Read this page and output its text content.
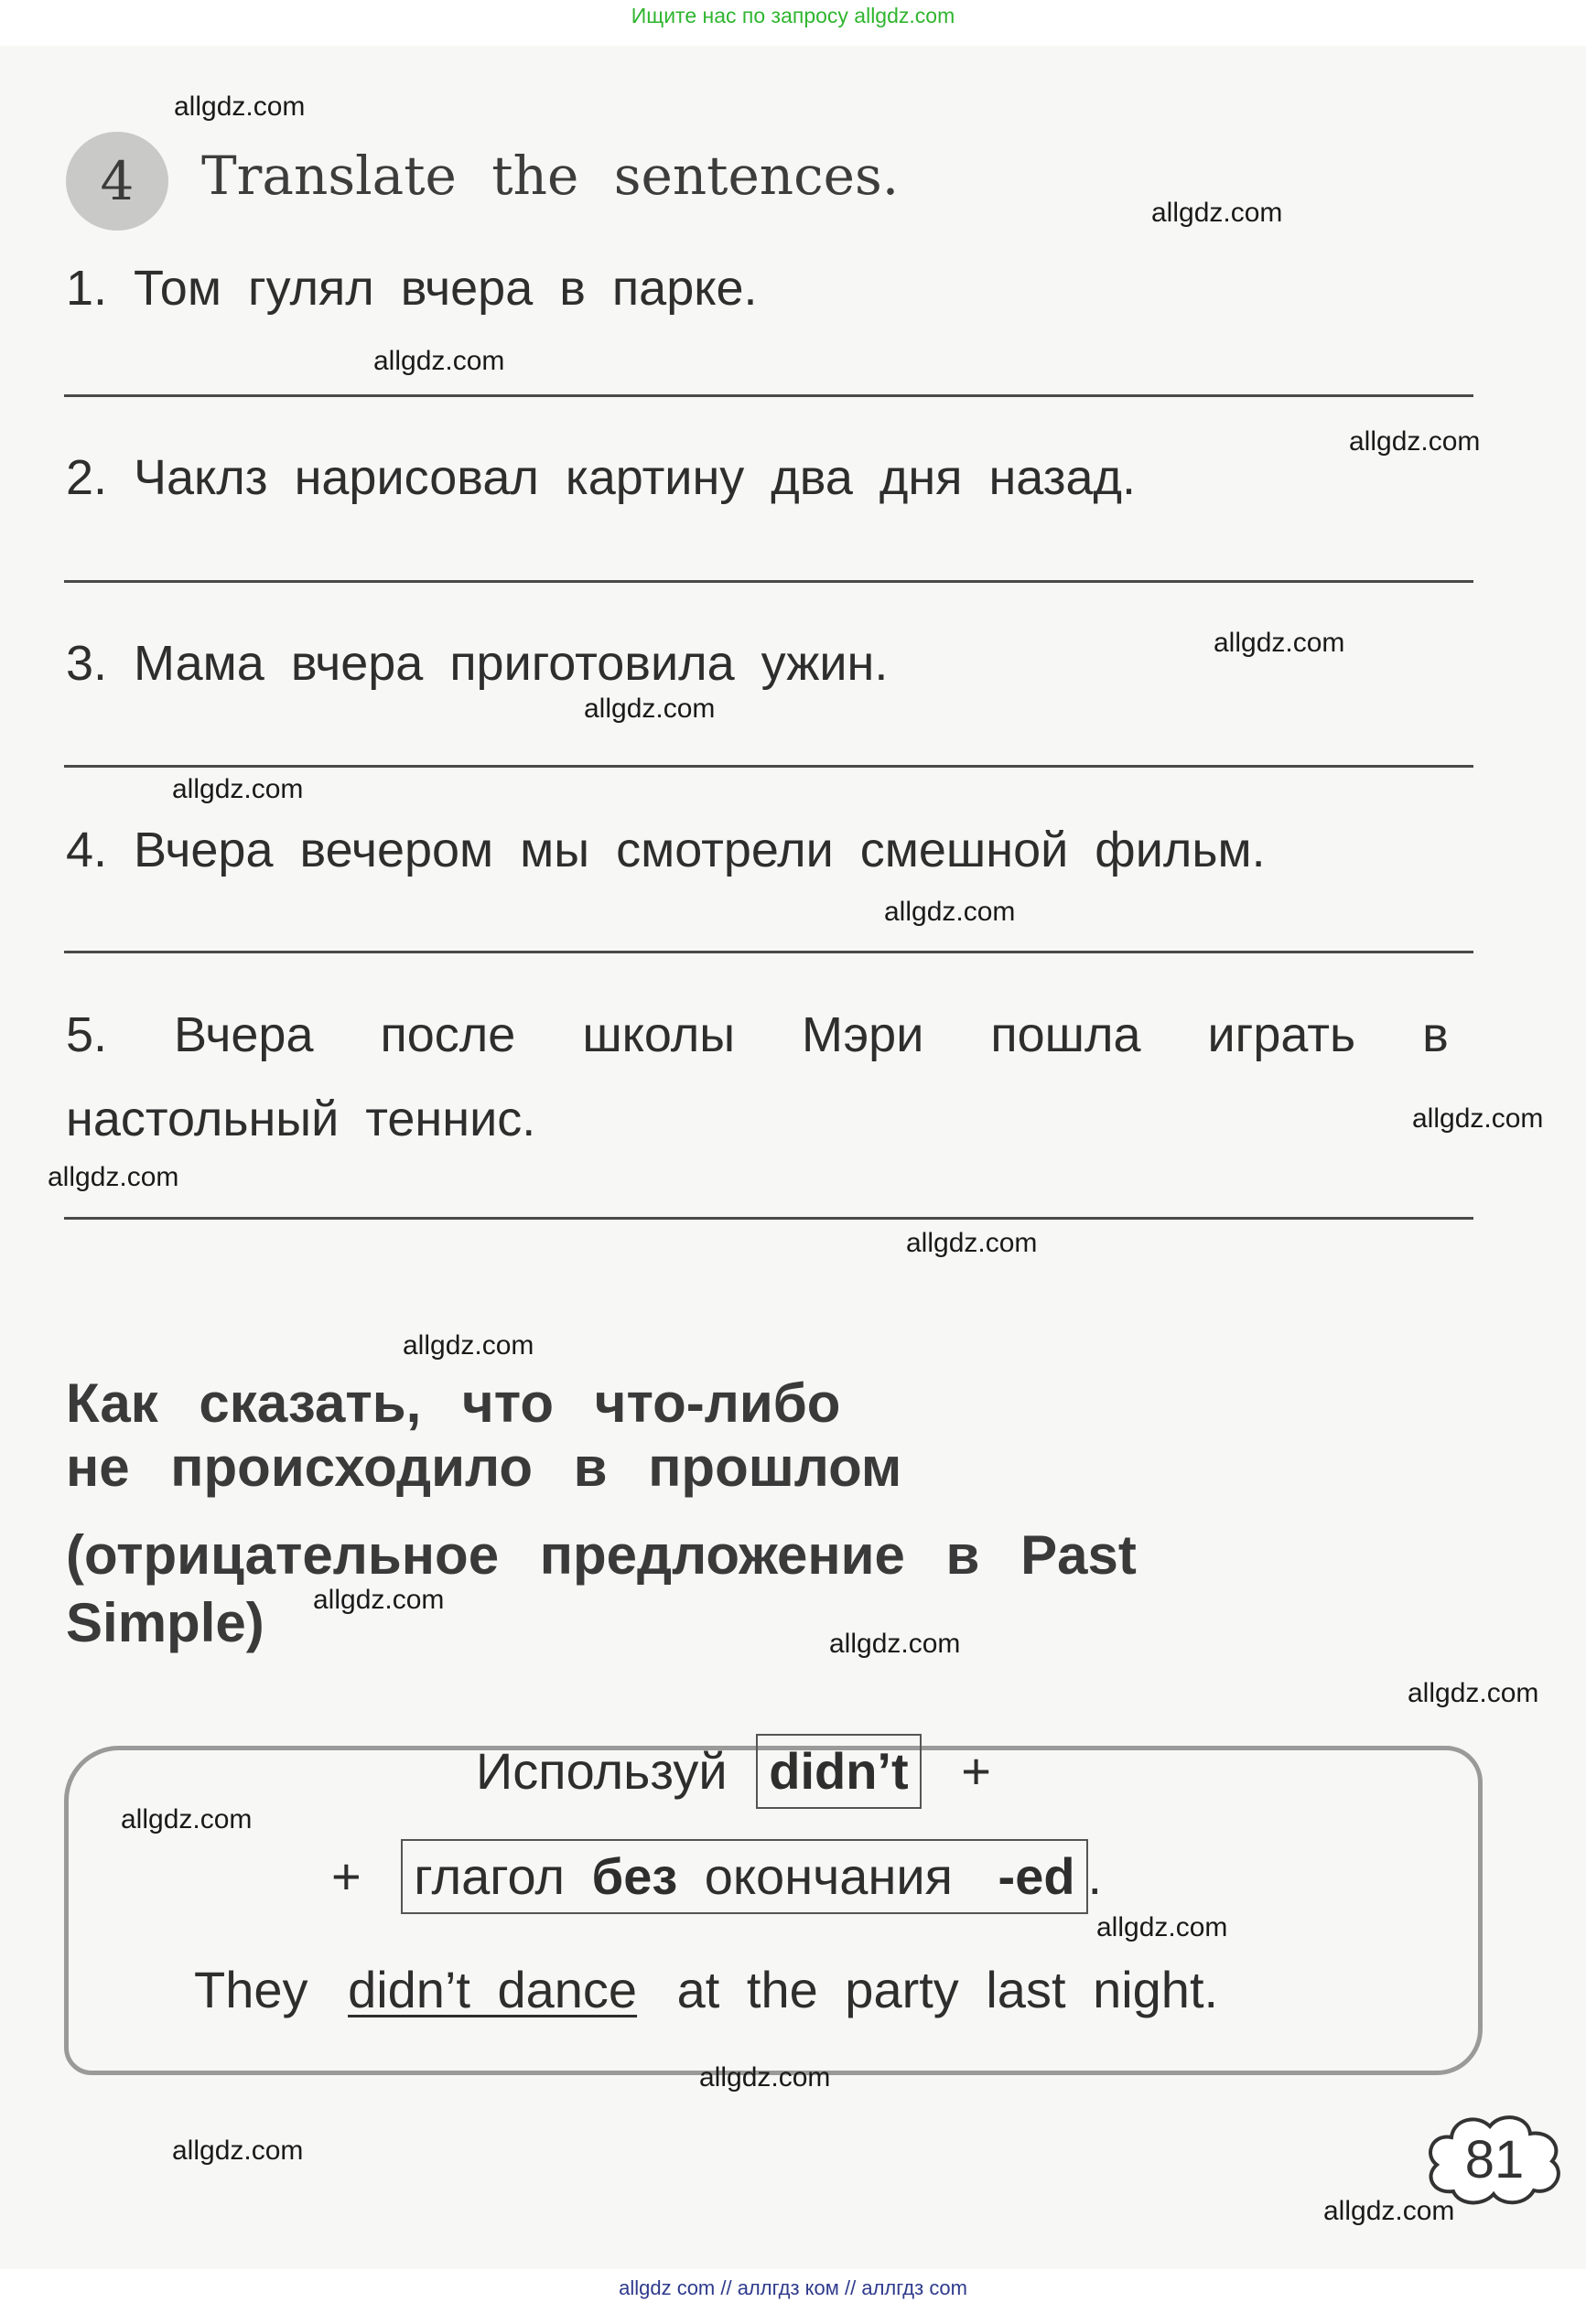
Ищите нас по запросу allgdz.com
4	Translate the sentences.
1. Том гулял вчера в парке.
2. Чаклз нарисовал картину два дня назад.
3. Мама вчера приготовила ужин.
4. Вчера вечером мы смотрели смешной фильм.
5. Вчера после школы Мэри пошла играть в
настольный теннис.
Как сказать, что что-либо
не происходило в прошлом
(отрицательное предложение в Past
Simple)
Используй didn’t +
+ глагол без окончания -ed .
They didn’t dance at the party last night.
81
allgdz.com
allgdz.com
allgdz.com
allgdz.com
allgdz.com
allgdz.com
allgdz.com
allgdz.com
allgdz.com
allgdz.com
allgdz.com
allgdz.com
allgdz.com
allgdz.com
allgdz.com
allgdz.com
allgdz.com
allgdz.com
allgdz.com
allgdz.com
allgdz com // аллгдз ком // аллгдз com
